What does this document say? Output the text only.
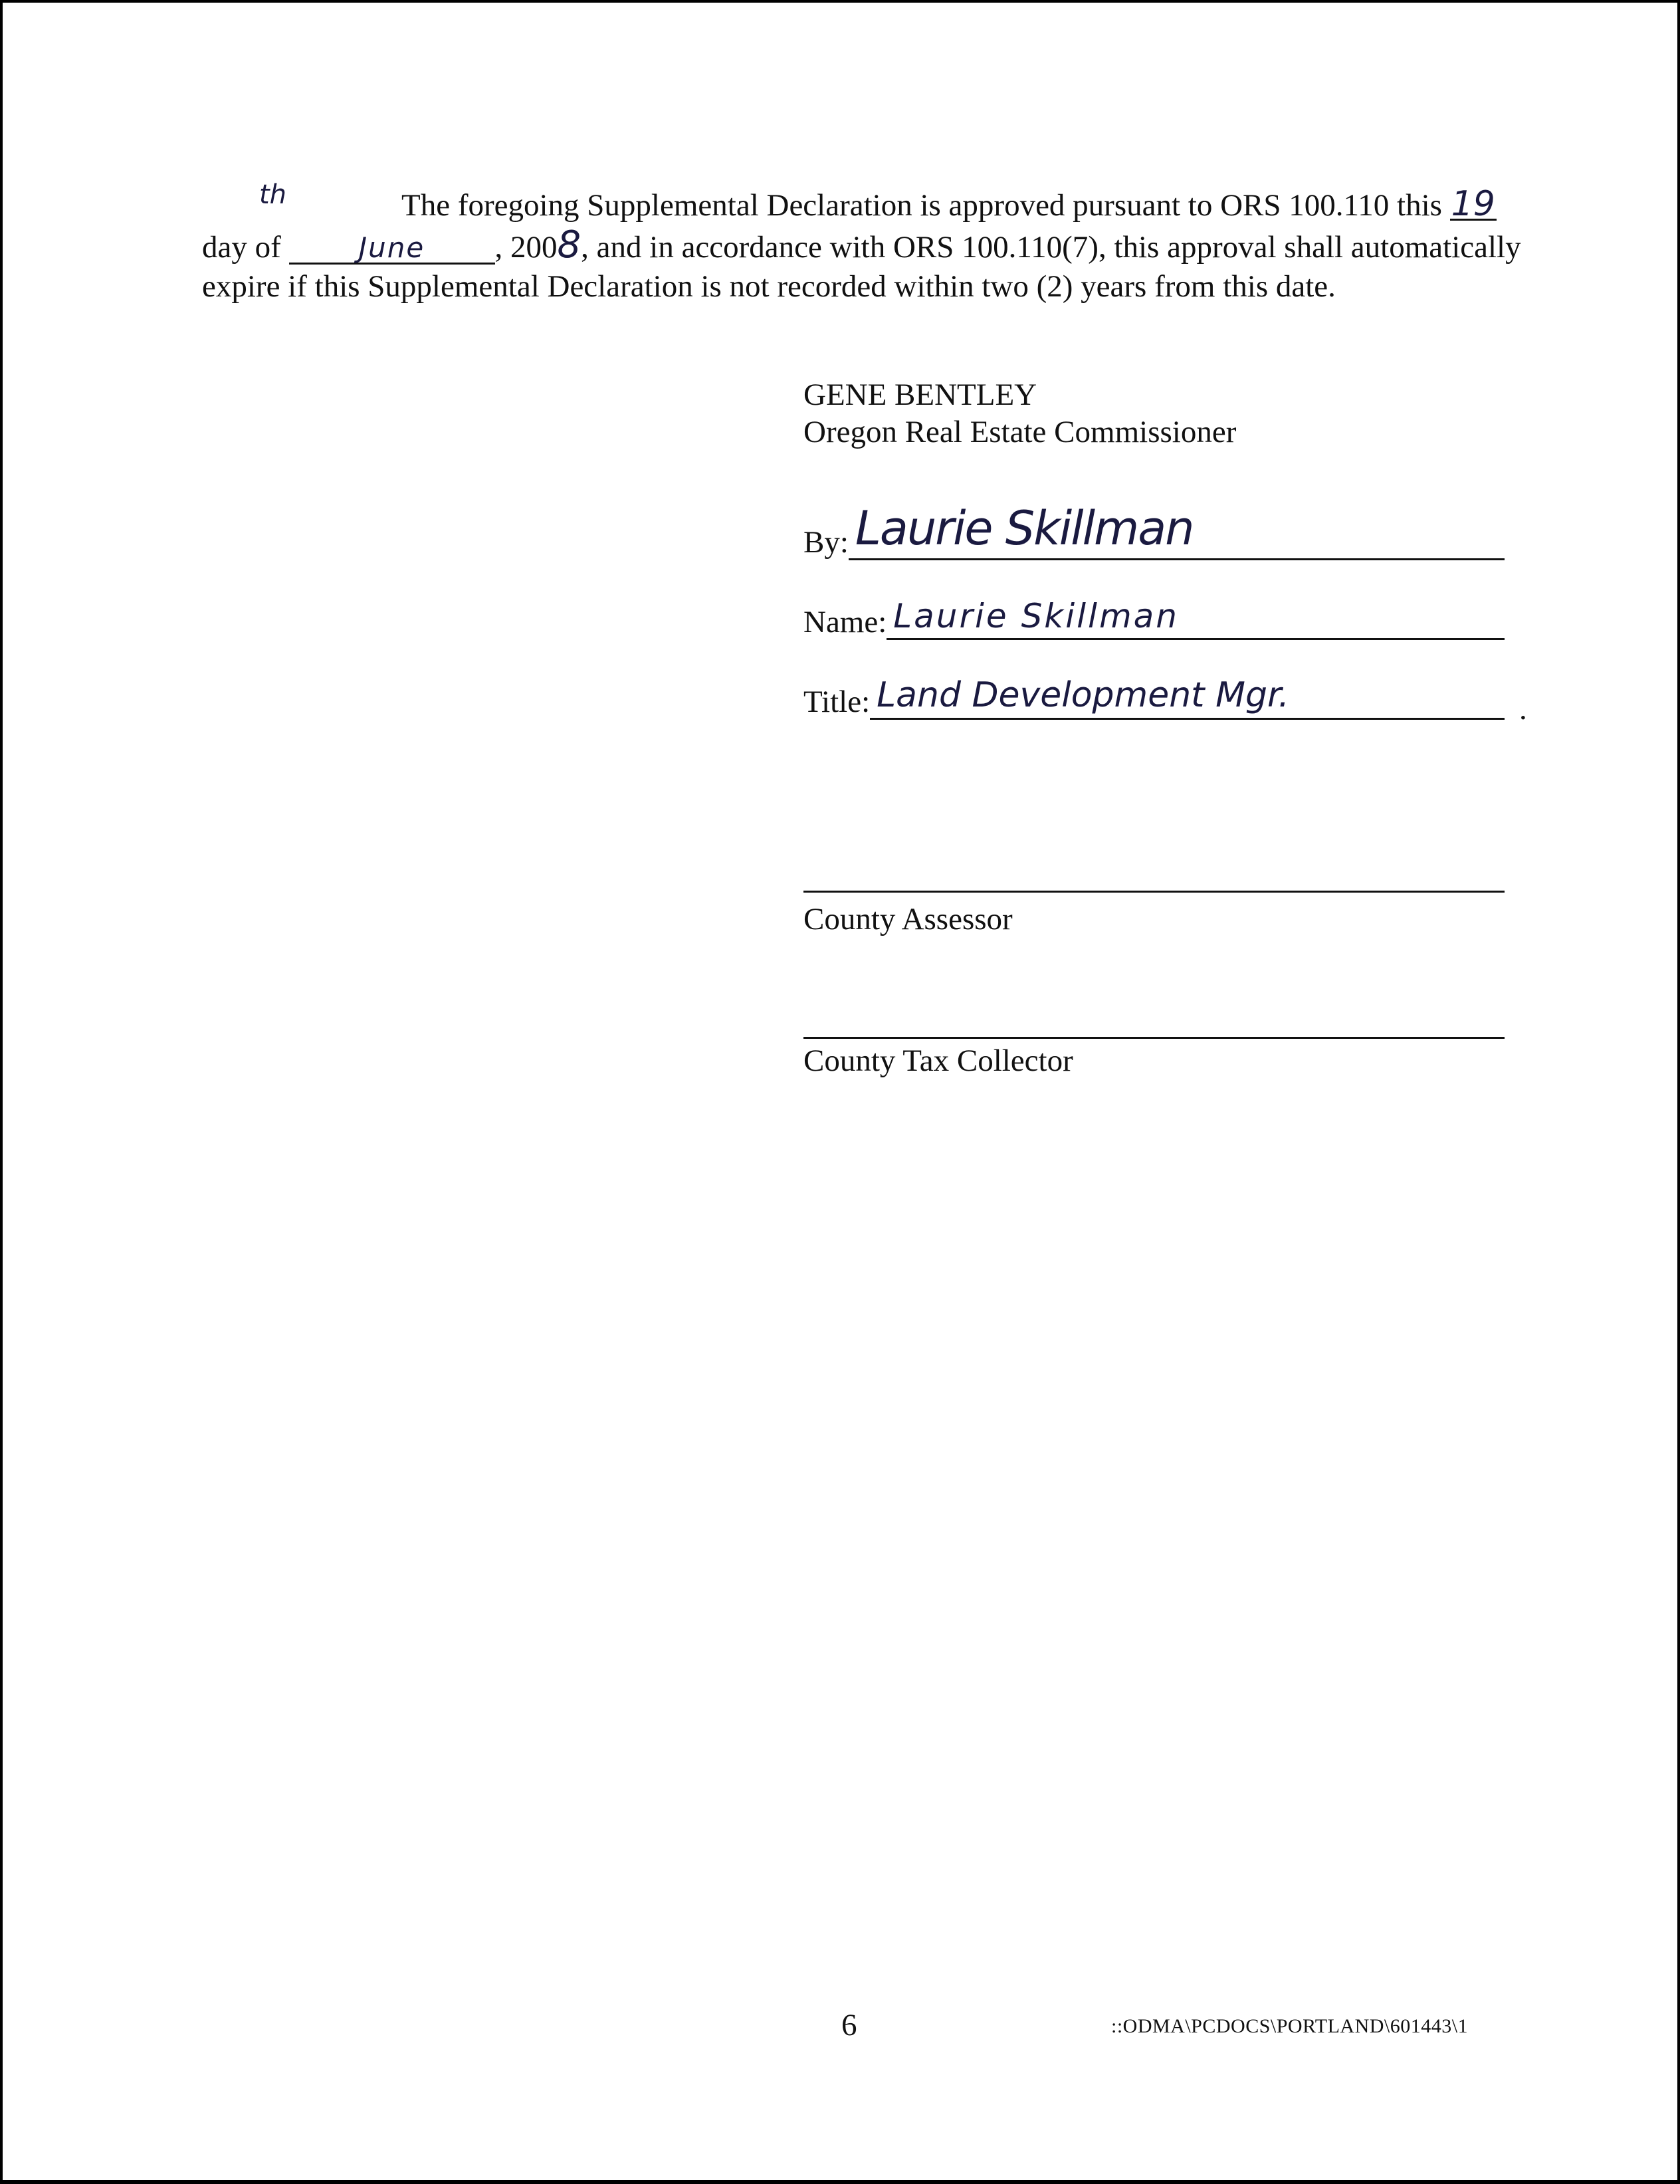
th	The foregoing Supplemental Declaration is approved pursuant to ORS 100.110 this 19 day of	June , 2008, and in accordance with ORS 100.110(7), this approval shall automatically expire if this Supplemental Declaration is not recorded within two (2) years from this date.
GENE BENTLEY
Oregon Real Estate Commissioner
By: Laurie Skillman
Name: Laurie Skillman
Title: Land Development Mgr.	.
County Assessor
County Tax Collector
6	::ODMA\PCDOCS\PORTLAND\601443\1
